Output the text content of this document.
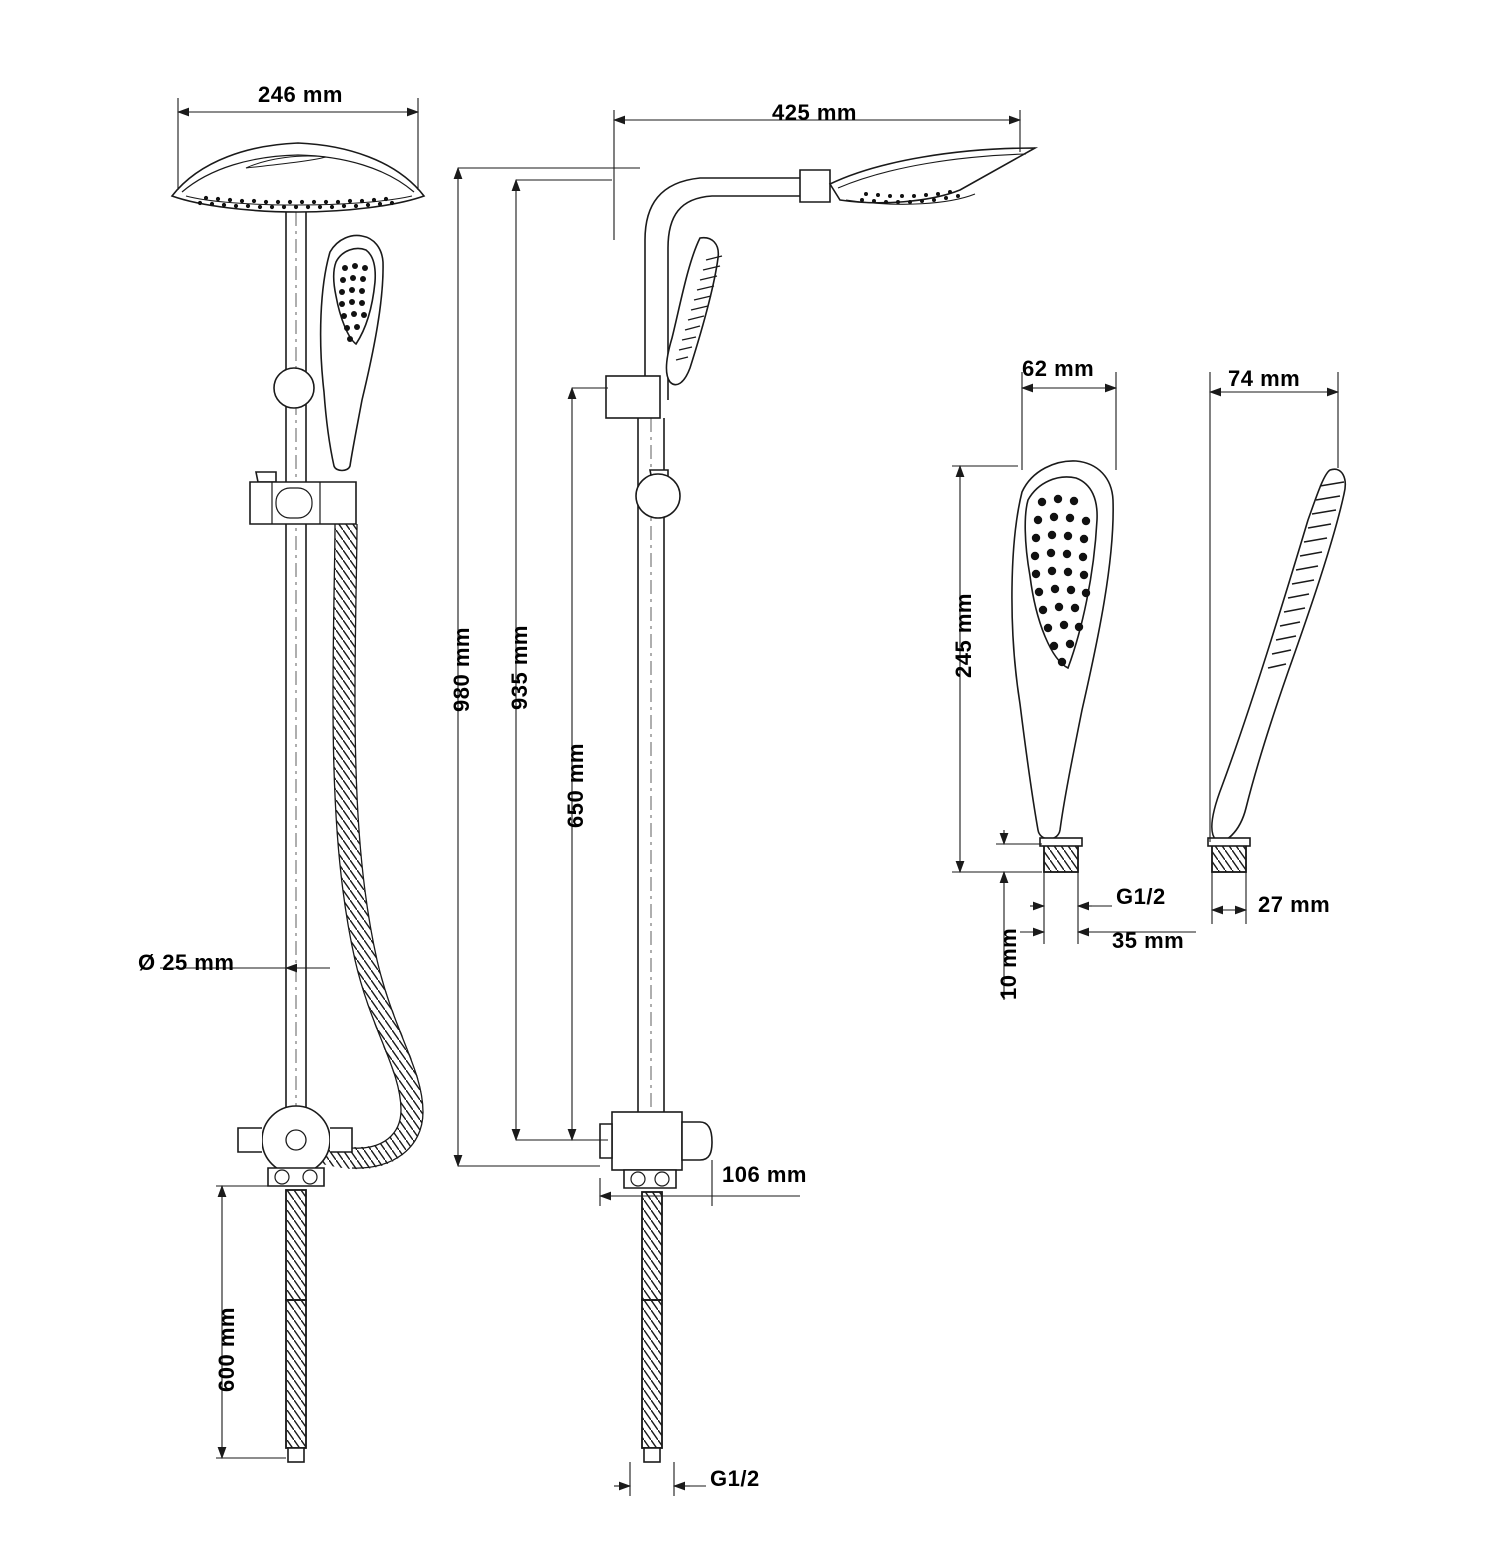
246 mm
425 mm
980 mm 935 mm
650 mm
600 mm
Ø 25 mm
106 mm
G1/2
62 mm
245 mm
10 mm	35 mm
G1/2
74 mm
27 mm
